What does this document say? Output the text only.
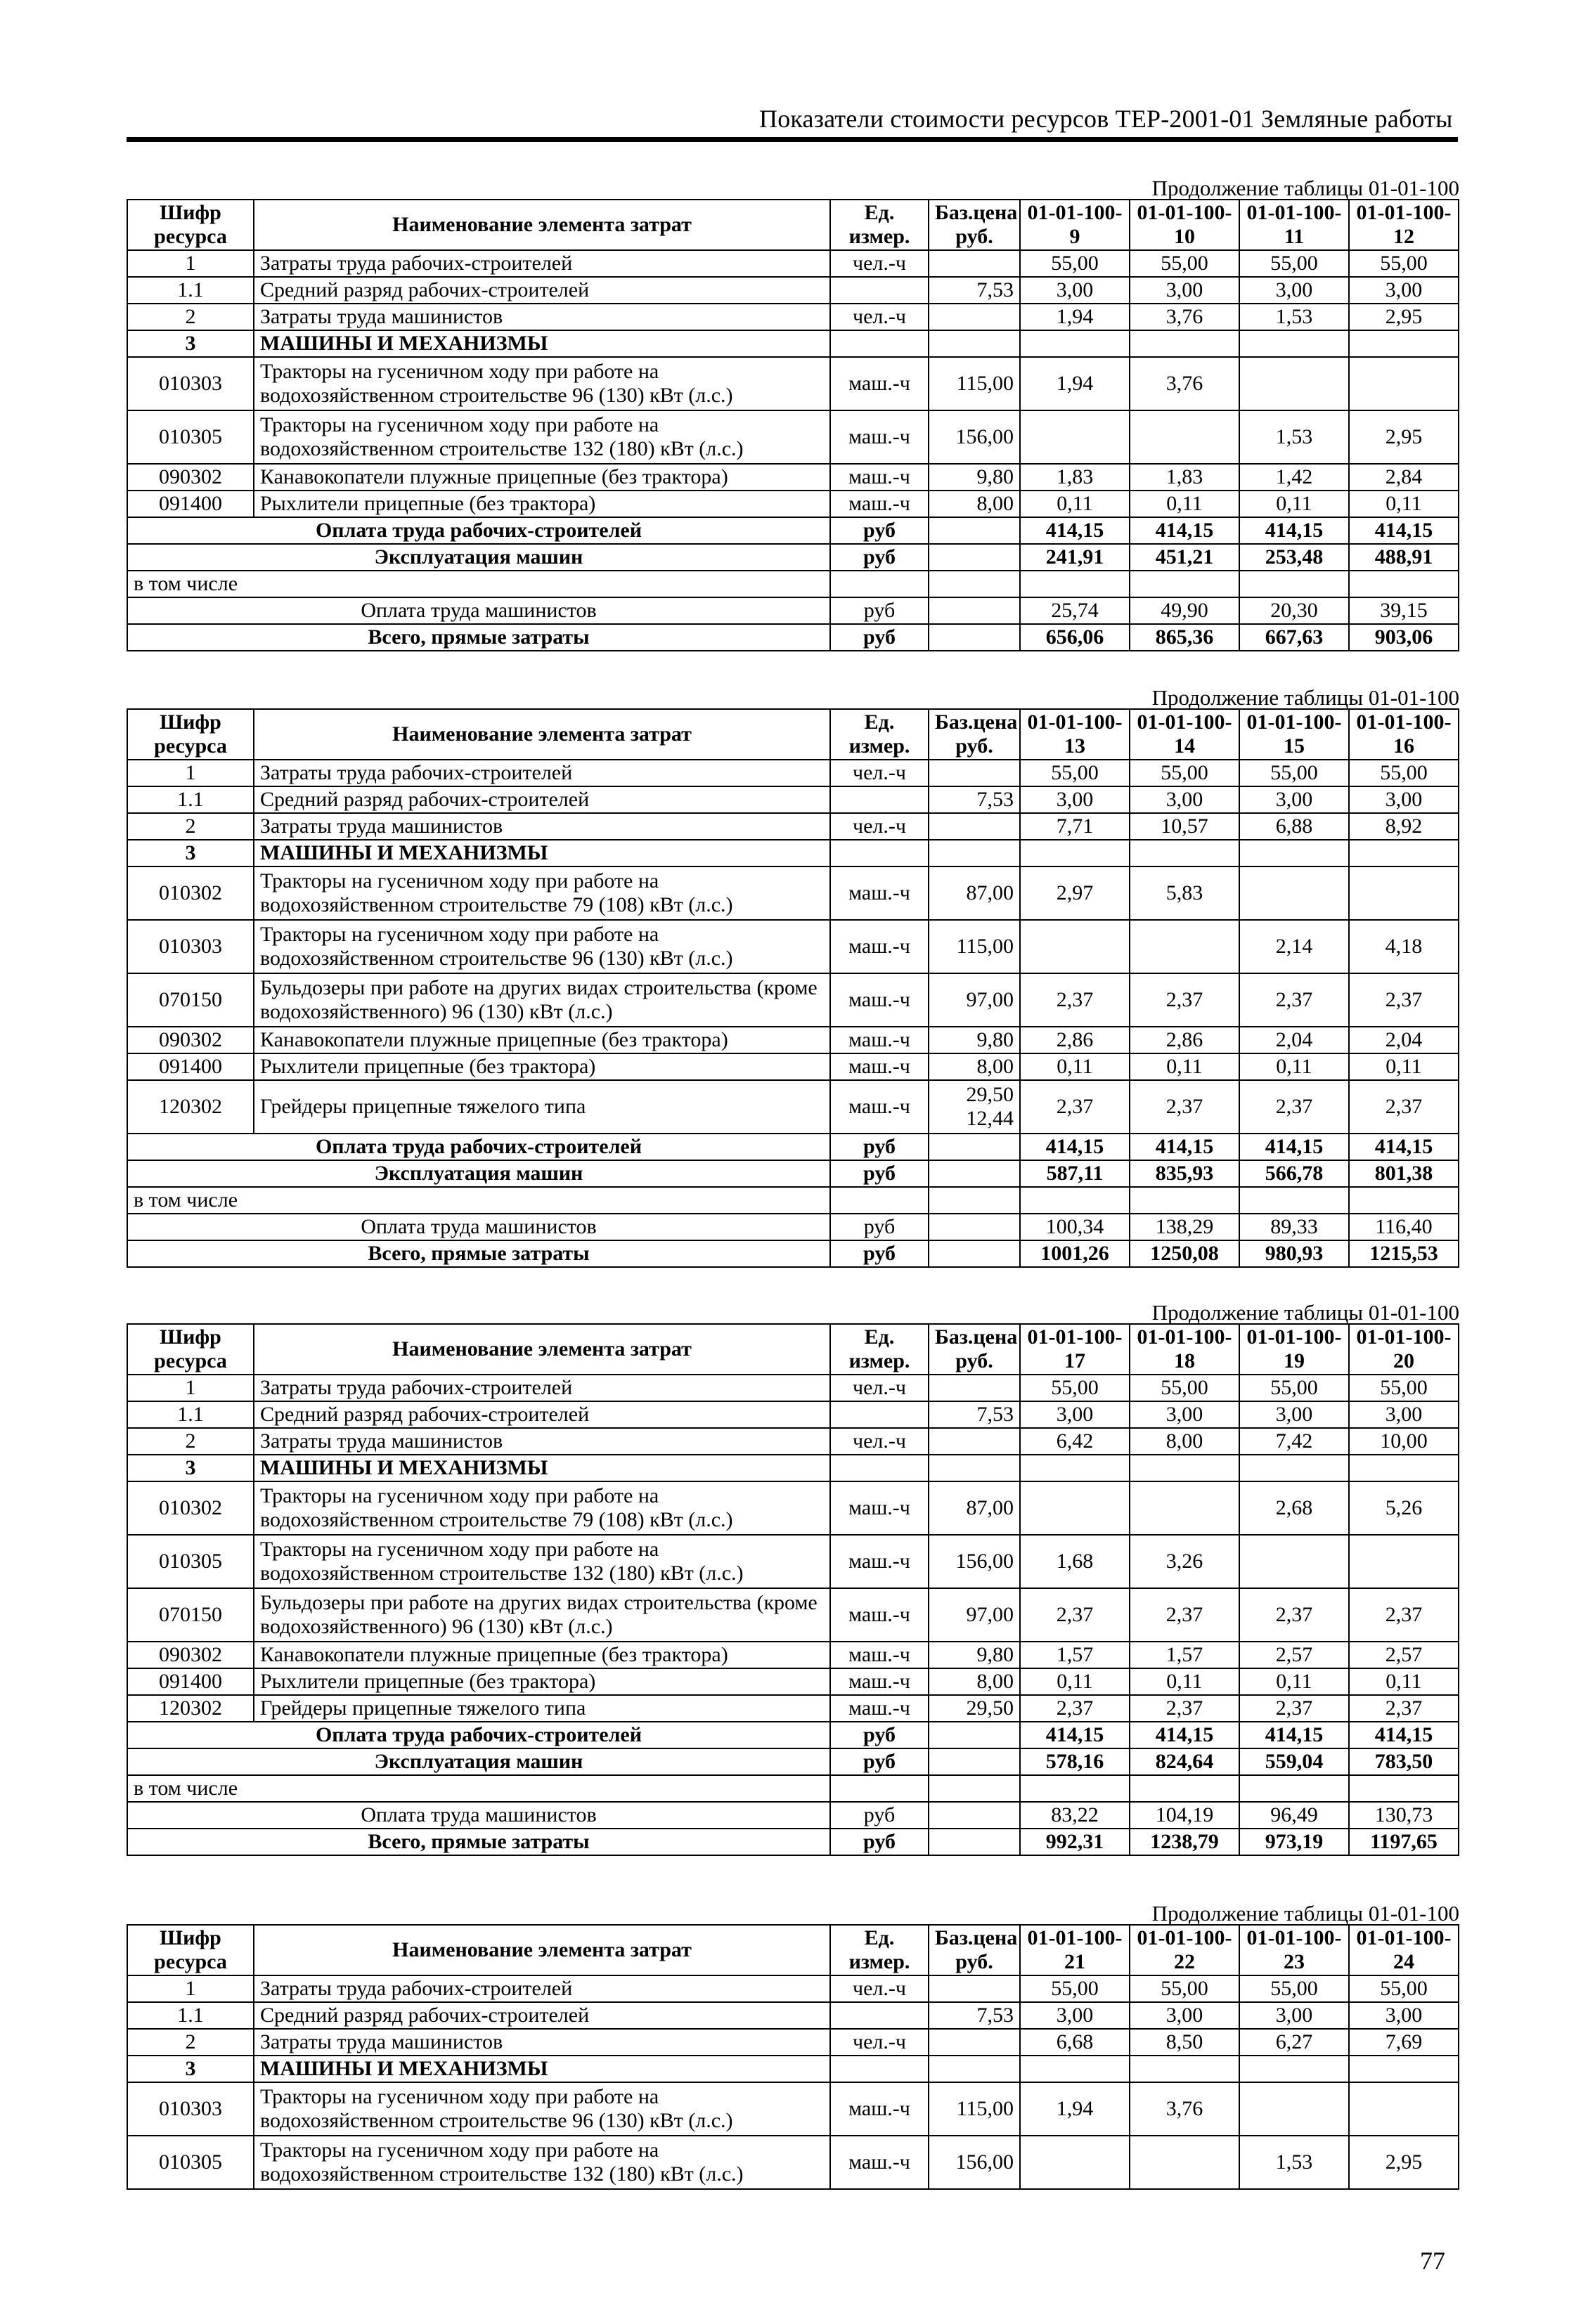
Показатели стоимости ресурсов ТЕР-2001-01 Земляные работы
Продолжение таблицы 01-01-100
Шифр ресурса	Наименование элемента затрат	Ед. измер.	Баз.цена руб.	01-01-100-9	01-01-100-10	01-01-100-11	01-01-100-12
1	Затраты труда рабочих-строителей	чел.-ч		55,00	55,00	55,00	55,00
1.1	Средний разряд рабочих-строителей		7,53	3,00	3,00	3,00	3,00
2	Затраты труда машинистов	чел.-ч		1,94	3,76	1,53	2,95
3	МАШИНЫ И МЕХАНИЗМЫ						
010303	Тракторы на гусеничном ходу при работе на водохозяйственном строительстве 96 (130) кВт (л.с.)	маш.-ч	115,00	1,94	3,76		
010305	Тракторы на гусеничном ходу при работе на водохозяйственном строительстве 132 (180) кВт (л.с.)	маш.-ч	156,00			1,53	2,95
090302	Канавокопатели плужные прицепные (без трактора)	маш.-ч	9,80	1,83	1,83	1,42	2,84
091400	Рыхлители прицепные (без трактора)	маш.-ч	8,00	0,11	0,11	0,11	0,11
Оплата труда рабочих-строителей		руб		414,15	414,15	414,15	414,15
Эксплуатация машин		руб		241,91	451,21	253,48	488,91
в том числе							
Оплата труда машинистов		руб		25,74	49,90	20,30	39,15
Всего, прямые затраты		руб		656,06	865,36	667,63	903,06
Продолжение таблицы 01-01-100
Шифр ресурса	Наименование элемента затрат	Ед. измер.	Баз.цена руб.	01-01-100-13	01-01-100-14	01-01-100-15	01-01-100-16
1	Затраты труда рабочих-строителей	чел.-ч		55,00	55,00	55,00	55,00
1.1	Средний разряд рабочих-строителей		7,53	3,00	3,00	3,00	3,00
2	Затраты труда машинистов	чел.-ч		7,71	10,57	6,88	8,92
3	МАШИНЫ И МЕХАНИЗМЫ						
010302	Тракторы на гусеничном ходу при работе на водохозяйственном строительстве 79 (108) кВт (л.с.)	маш.-ч	87,00	2,97	5,83		
010303	Тракторы на гусеничном ходу при работе на водохозяйственном строительстве 96 (130) кВт (л.с.)	маш.-ч	115,00			2,14	4,18
070150	Бульдозеры при работе на других видах строительства (кроме водохозяйственного) 96 (130) кВт (л.с.)	маш.-ч	97,00	2,37	2,37	2,37	2,37
090302	Канавокопатели плужные прицепные (без трактора)	маш.-ч	9,80	2,86	2,86	2,04	2,04
091400	Рыхлители прицепные (без трактора)	маш.-ч	8,00	0,11	0,11	0,11	0,11
120302	Грейдеры прицепные тяжелого типа	маш.-ч	29,50 12,44	2,37	2,37	2,37	2,37
Оплата труда рабочих-строителей		руб		414,15	414,15	414,15	414,15
Эксплуатация машин		руб		587,11	835,93	566,78	801,38
в том числе							
Оплата труда машинистов		руб		100,34	138,29	89,33	116,40
Всего, прямые затраты		руб		1001,26	1250,08	980,93	1215,53
Продолжение таблицы 01-01-100
Шифр ресурса	Наименование элемента затрат	Ед. измер.	Баз.цена руб.	01-01-100-17	01-01-100-18	01-01-100-19	01-01-100-20
1	Затраты труда рабочих-строителей	чел.-ч		55,00	55,00	55,00	55,00
1.1	Средний разряд рабочих-строителей		7,53	3,00	3,00	3,00	3,00
2	Затраты труда машинистов	чел.-ч		6,42	8,00	7,42	10,00
3	МАШИНЫ И МЕХАНИЗМЫ						
010302	Тракторы на гусеничном ходу при работе на водохозяйственном строительстве 79 (108) кВт (л.с.)	маш.-ч	87,00			2,68	5,26
010305	Тракторы на гусеничном ходу при работе на водохозяйственном строительстве 132 (180) кВт (л.с.)	маш.-ч	156,00	1,68	3,26		
070150	Бульдозеры при работе на других видах строительства (кроме водохозяйственного) 96 (130) кВт (л.с.)	маш.-ч	97,00	2,37	2,37	2,37	2,37
090302	Канавокопатели плужные прицепные (без трактора)	маш.-ч	9,80	1,57	1,57	2,57	2,57
091400	Рыхлители прицепные (без трактора)	маш.-ч	8,00	0,11	0,11	0,11	0,11
120302	Грейдеры прицепные тяжелого типа	маш.-ч	29,50	2,37	2,37	2,37	2,37
Оплата труда рабочих-строителей		руб		414,15	414,15	414,15	414,15
Эксплуатация машин		руб		578,16	824,64	559,04	783,50
в том числе							
Оплата труда машинистов		руб		83,22	104,19	96,49	130,73
Всего, прямые затраты		руб		992,31	1238,79	973,19	1197,65
Продолжение таблицы 01-01-100
Шифр ресурса	Наименование элемента затрат	Ед. измер.	Баз.цена руб.	01-01-100-21	01-01-100-22	01-01-100-23	01-01-100-24
1	Затраты труда рабочих-строителей	чел.-ч		55,00	55,00	55,00	55,00
1.1	Средний разряд рабочих-строителей		7,53	3,00	3,00	3,00	3,00
2	Затраты труда машинистов	чел.-ч		6,68	8,50	6,27	7,69
3	МАШИНЫ И МЕХАНИЗМЫ						
010303	Тракторы на гусеничном ходу при работе на водохозяйственном строительстве 96 (130) кВт (л.с.)	маш.-ч	115,00	1,94	3,76		
010305	Тракторы на гусеничном ходу при работе на водохозяйственном строительстве 132 (180) кВт (л.с.)	маш.-ч	156,00			1,53	2,95
77
